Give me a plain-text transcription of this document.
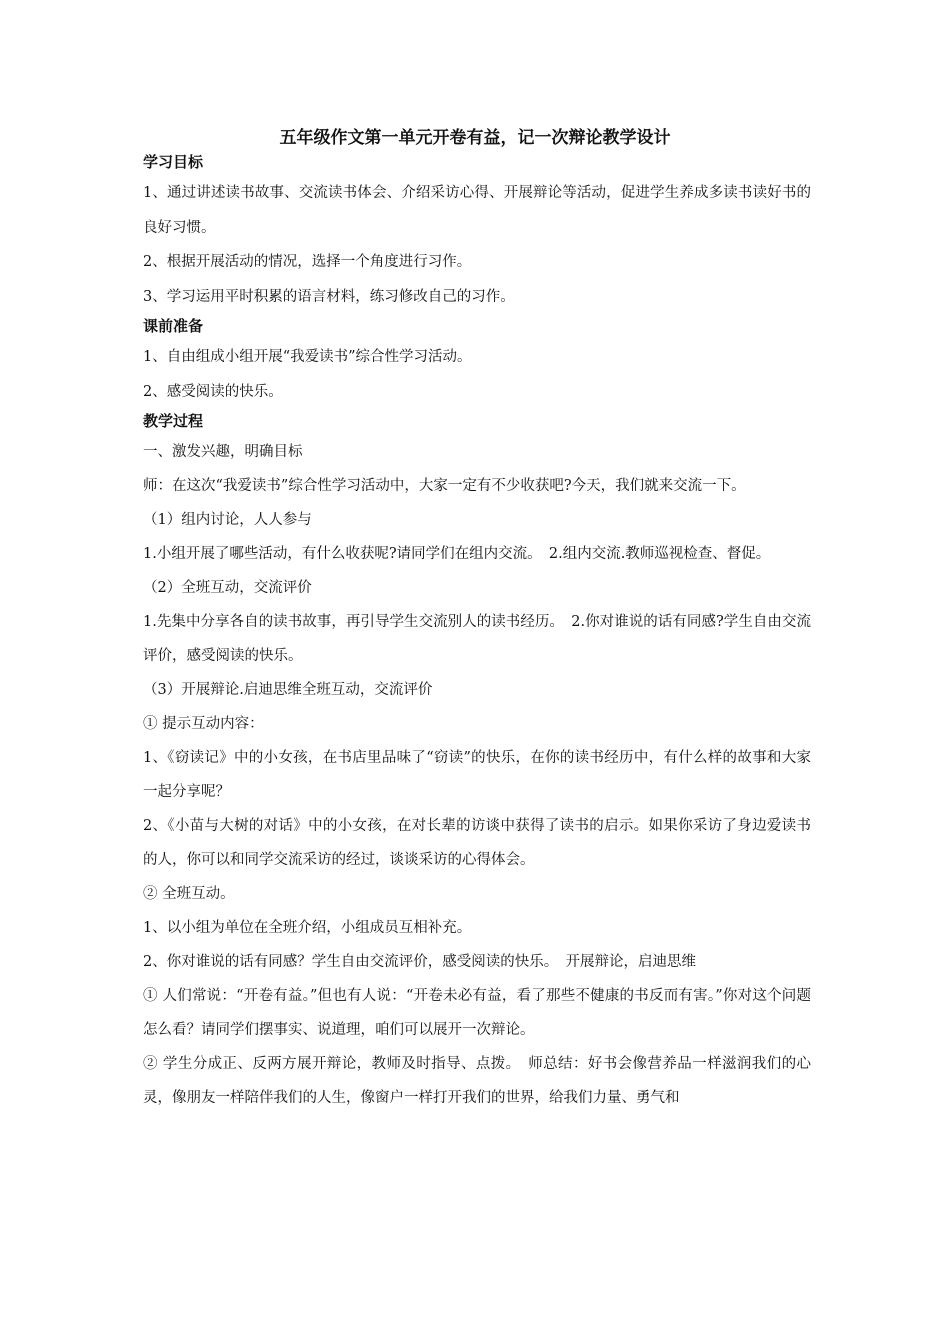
五年级作文第一单元开卷有益，记一次辩论教学设计
学习目标

1、通过讲述读书故事、交流读书体会、介绍采访心得、开展辩论等活动，促进学生养成多读书读好书的良好习惯。

2、根据开展活动的情况，选择一个角度进行习作。

3、学习运用平时积累的语言材料，练习修改自己的习作。

课前准备

1、自由组成小组开展“我爱读书”综合性学习活动。

2、感受阅读的快乐。

教学过程

一、激发兴趣，明确目标

师：在这次“我爱读书”综合性学习活动中，大家一定有不少收获吧?今天，我们就来交流一下。

（1）组内讨论，人人参与

1.小组开展了哪些活动，有什么收获呢?请同学们在组内交流。　2.组内交流.教师巡视检查、督促。

（2）全班互动，交流评价

1.先集中分享各自的读书故事，再引导学生交流别人的读书经历。　2.你对谁说的话有同感?学生自由交流评价，感受阅读的快乐。

（3）开展辩论.启迪思维全班互动，交流评价

① 提示互动内容：

1、《窃读记》中的小女孩，在书店里品味了“窃读”的快乐，在你的读书经历中，有什么样的故事和大家一起分享呢？

2、《小苗与大树的对话》中的小女孩，在对长辈的访谈中获得了读书的启示。如果你采访了身边爱读书的人，你可以和同学交流采访的经过，谈谈采访的心得体会。

② 全班互动。

1、以小组为单位在全班介绍，小组成员互相补充。

2、你对谁说的话有同感？学生自由交流评价，感受阅读的快乐。　开展辩论，启迪思维

① 人们常说：“开卷有益。”但也有人说：“开卷未必有益，看了那些不健康的书反而有害。”你对这个问题怎么看？请同学们摆事实、说道理，咱们可以展开一次辩论。

② 学生分成正、反两方展开辩论，教师及时指导、点拨。　师总结：好书会像营养品一样滋润我们的心灵，像朋友一样陪伴我们的人生，像窗户一样打开我们的世界，给我们力量、勇气和
